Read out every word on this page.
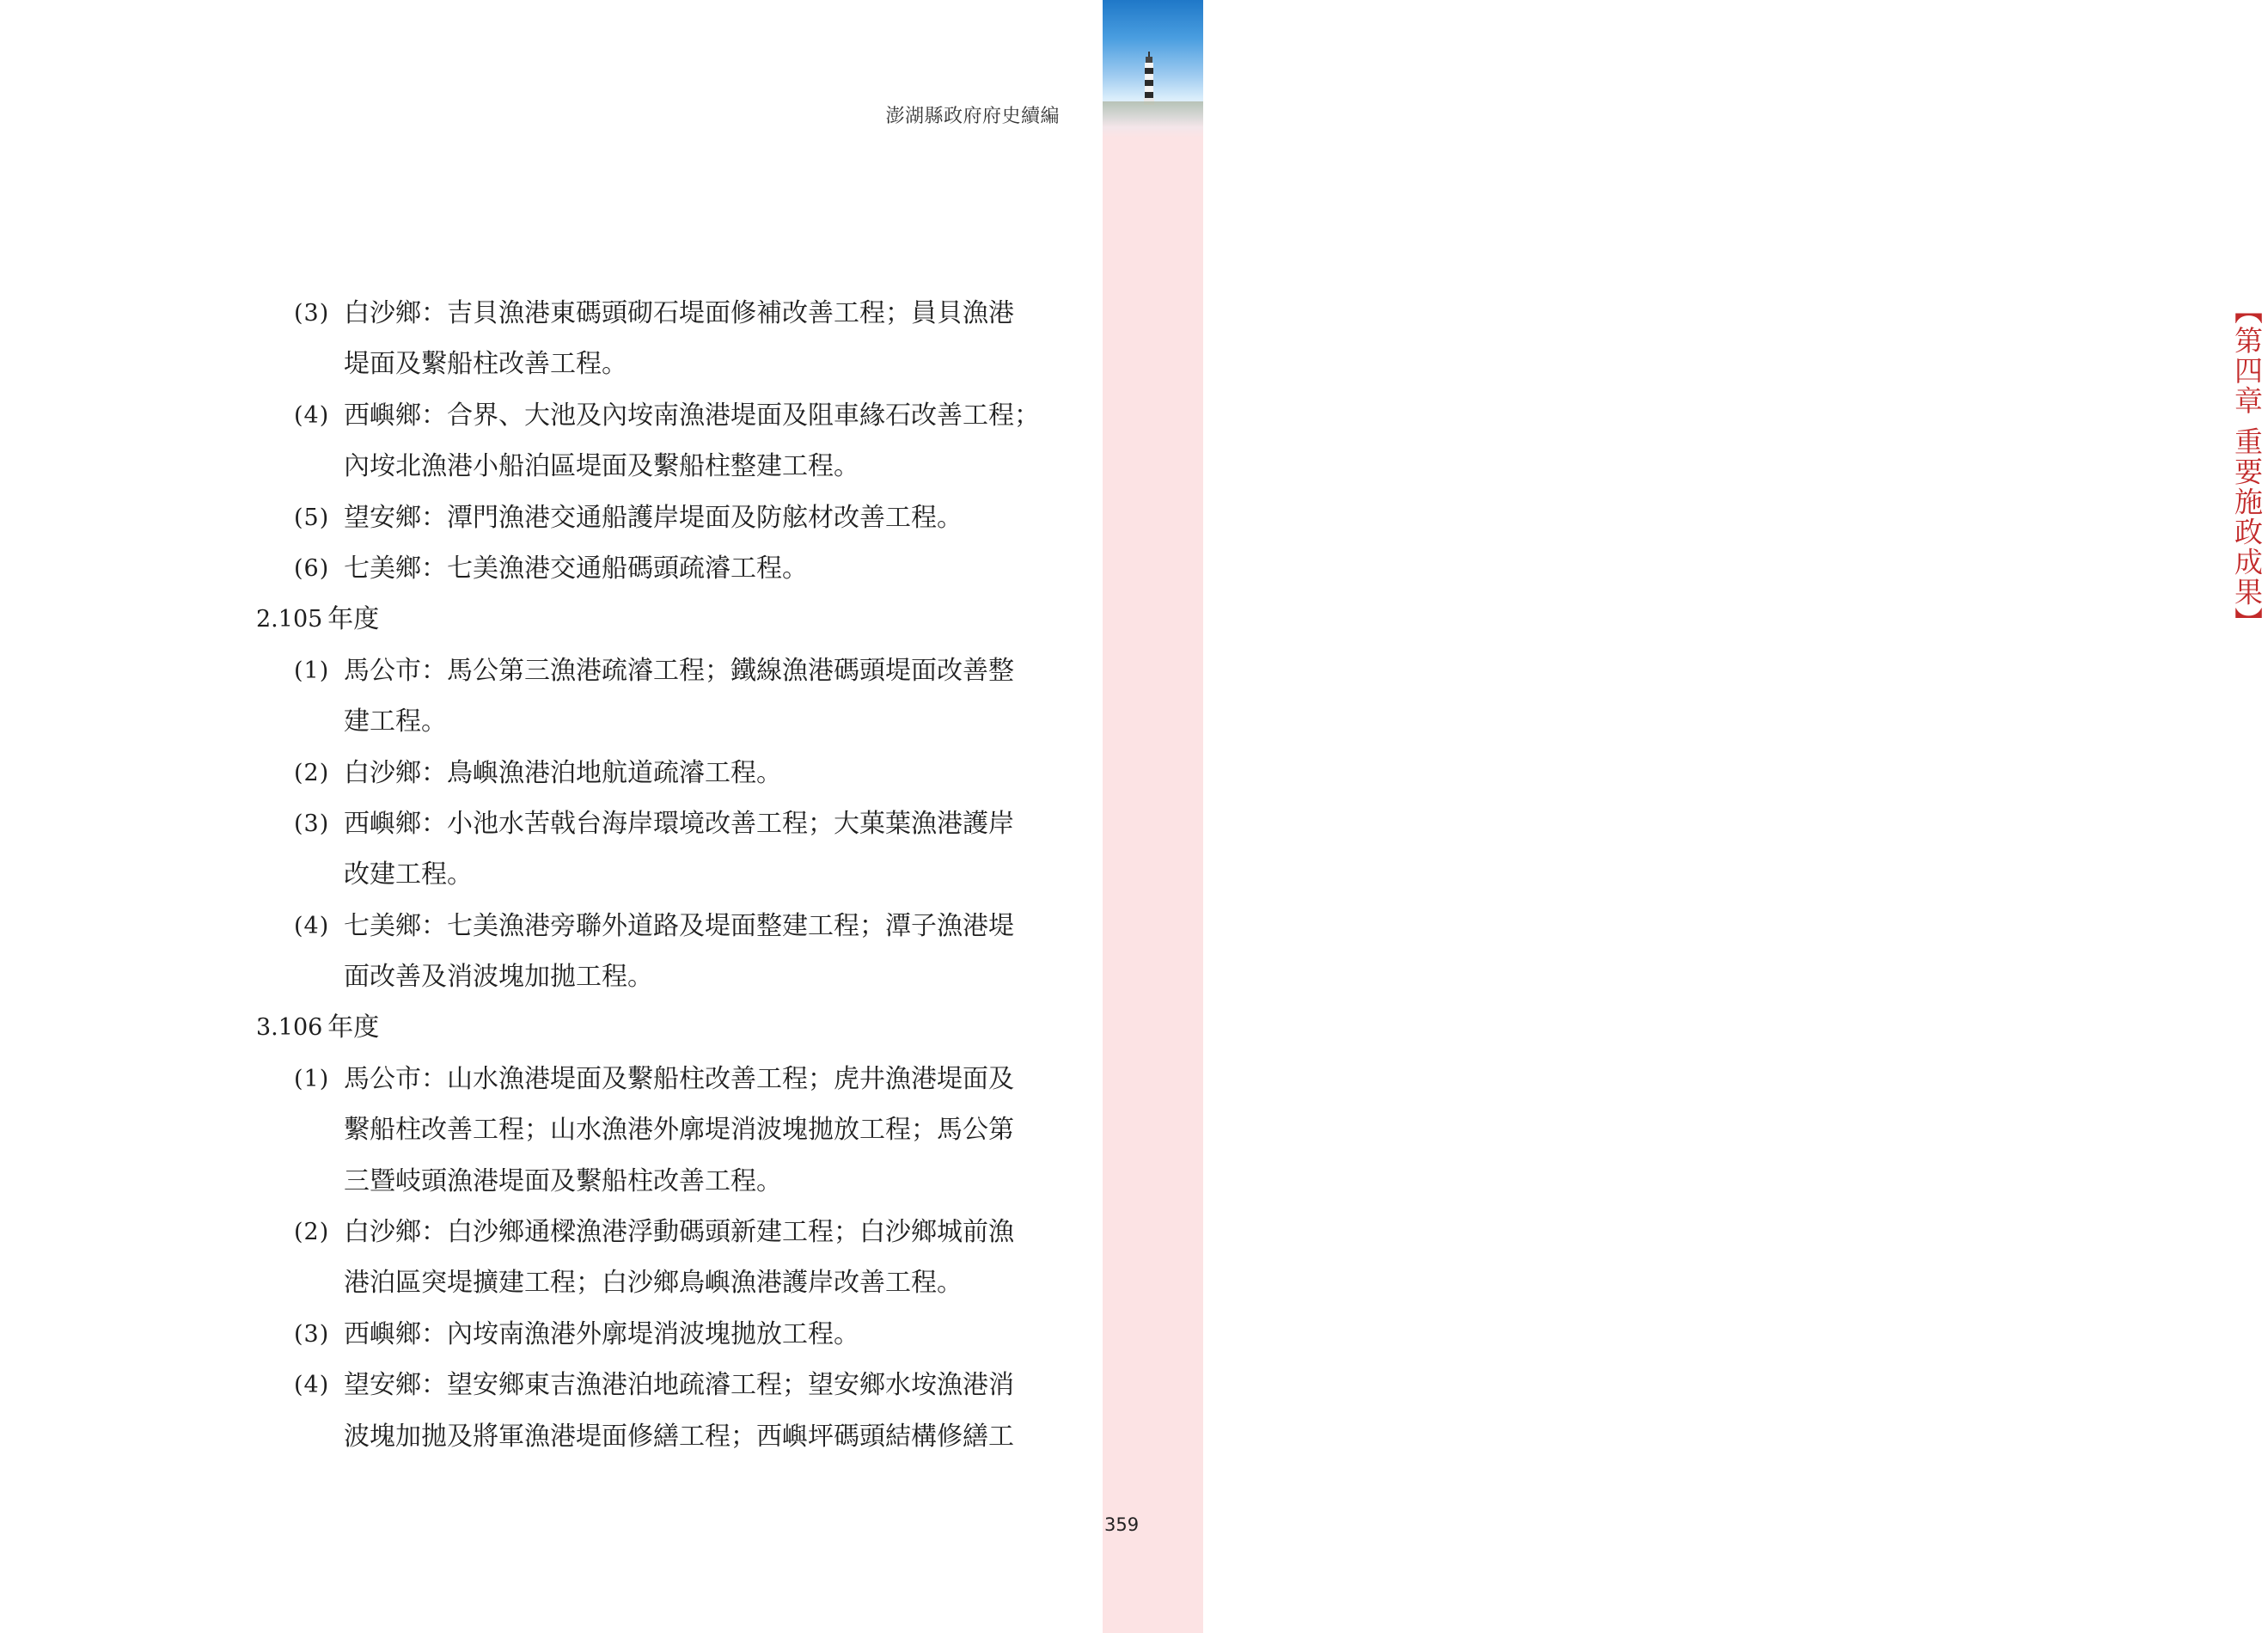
【第四章 重要施政成果】
澎湖縣政府府史續編
(3) 白沙鄉：吉貝漁港東碼頭砌石堤面修補改善工程；員貝漁港
堤面及繫船柱改善工程。
(4) 西嶼鄉：合界、大池及內垵南漁港堤面及阻車緣石改善工程；
內垵北漁港小船泊區堤面及繫船柱整建工程。
(5) 望安鄉：潭門漁港交通船護岸堤面及防舷材改善工程。
(6) 七美鄉：七美漁港交通船碼頭疏濬工程。
2.105 年度
(1) 馬公市：馬公第三漁港疏濬工程；鐵線漁港碼頭堤面改善整
建工程。
(2) 白沙鄉：鳥嶼漁港泊地航道疏濬工程。
(3) 西嶼鄉：小池水苦戟台海岸環境改善工程；大菓葉漁港護岸
改建工程。
(4) 七美鄉：七美漁港旁聯外道路及堤面整建工程；潭子漁港堤
面改善及消波塊加拋工程。
3.106 年度
(1) 馬公市：山水漁港堤面及繫船柱改善工程；虎井漁港堤面及
繫船柱改善工程；山水漁港外廓堤消波塊拋放工程；馬公第
三暨岐頭漁港堤面及繫船柱改善工程。
(2) 白沙鄉：白沙鄉通樑漁港浮動碼頭新建工程；白沙鄉城前漁
港泊區突堤擴建工程；白沙鄉鳥嶼漁港護岸改善工程。
(3) 西嶼鄉：內垵南漁港外廓堤消波塊拋放工程。
(4) 望安鄉：望安鄉東吉漁港泊地疏濬工程；望安鄉水垵漁港消
波塊加拋及將軍漁港堤面修繕工程；西嶼坪碼頭結構修繕工
359
